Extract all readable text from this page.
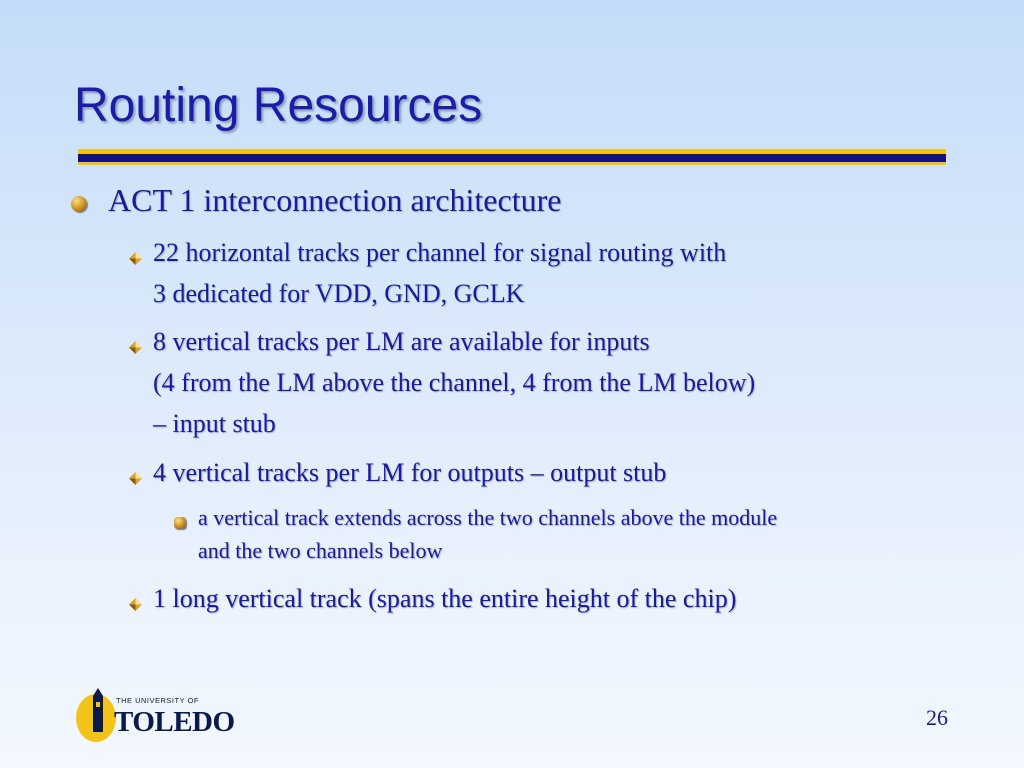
Routing Resources
ACT 1 interconnection architecture
22 horizontal tracks per channel for signal routing with
3 dedicated for VDD, GND, GCLK
8 vertical tracks per LM are available for inputs
(4 from the LM above the channel, 4 from the LM below)
– input stub
4 vertical tracks per LM for outputs – output stub
a vertical track extends across the two channels above the module
and the two channels below
1 long vertical track (spans the entire height of the chip)
THE UNIVERSITY OF
TOLEDO	26
